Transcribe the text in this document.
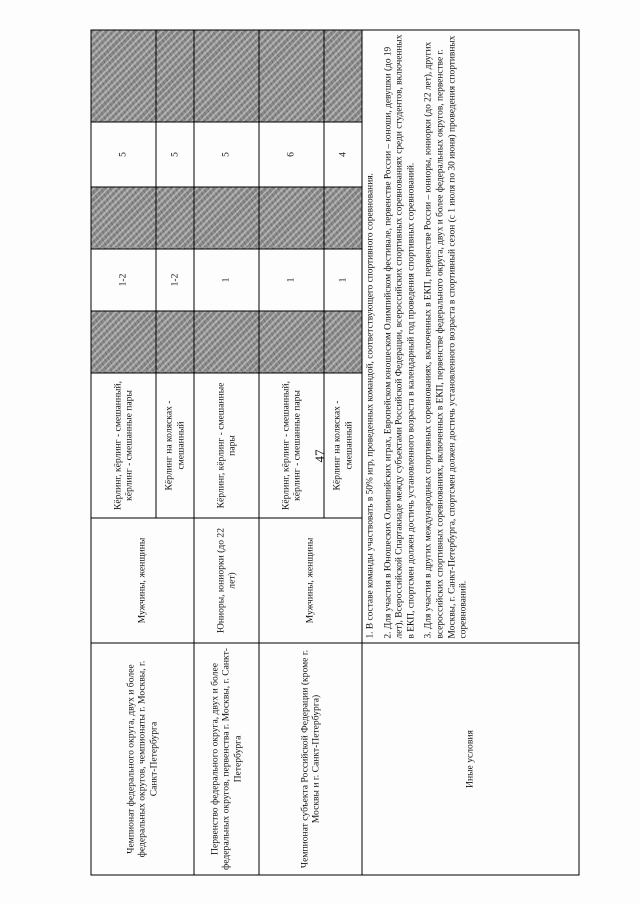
47
Чемпионат федерального округа, двух и более федеральных округов, чемпионаты г. Москвы, г. Санкт-Петербурга	Мужчины, женщины	Кёрлинг, кёрлинг - смешанный, кёрлинг - смешанные пары		1-2		5	
		Кёрлинг на колясках - смешанный		1-2		5	
Первенство федерального округа, двух и более федеральных округов, первенства г. Москвы, г. Санкт-Петербурга	Юниоры, юниорки (до 22 лет)	Кёрлинг, кёрлинг - смешанные пары		1		5	
Чемпионат субъекта Российской Федерации (кроме г. Москвы и г. Санкт-Петербурга)	Мужчины, женщины	Кёрлинг, кёрлинг - смешанный, кёрлинг - смешанные пары		1		6	
		Кёрлинг на колясках - смешанный		1		4	
Иные условия	1. В составе команды участвовать в 50% игр, проведенных командой, соответствующего спортивного соревнования. 2. Для участия в Юношеских Олимпийских играх, Европейском юношеском Олимпийском фестивале, первенстве России – юноши, девушки (до 19 лет), Всероссийской Спартакиаде между субъектами Российской Федерации, всероссийских спортивных соревнованиях среди студентов, включенных в ЕКП, спортсмен должен достичь установленного возраста в календарный год проведения спортивных соревнований. 3. Для участия в других международных спортивных соревнованиях, включенных в ЕКП, первенстве России – юниоры, юниорки (до 22 лет), других всероссийских спортивных соревнованиях, включенных в ЕКП, первенстве федерального округа, двух и более федеральных округов, первенстве г. Москвы, г. Санкт-Петербурга, спортсмен должен достичь установленного возраста в спортивный сезон (с 1 июля по 30 июня) проведения спортивных соревнований.						
